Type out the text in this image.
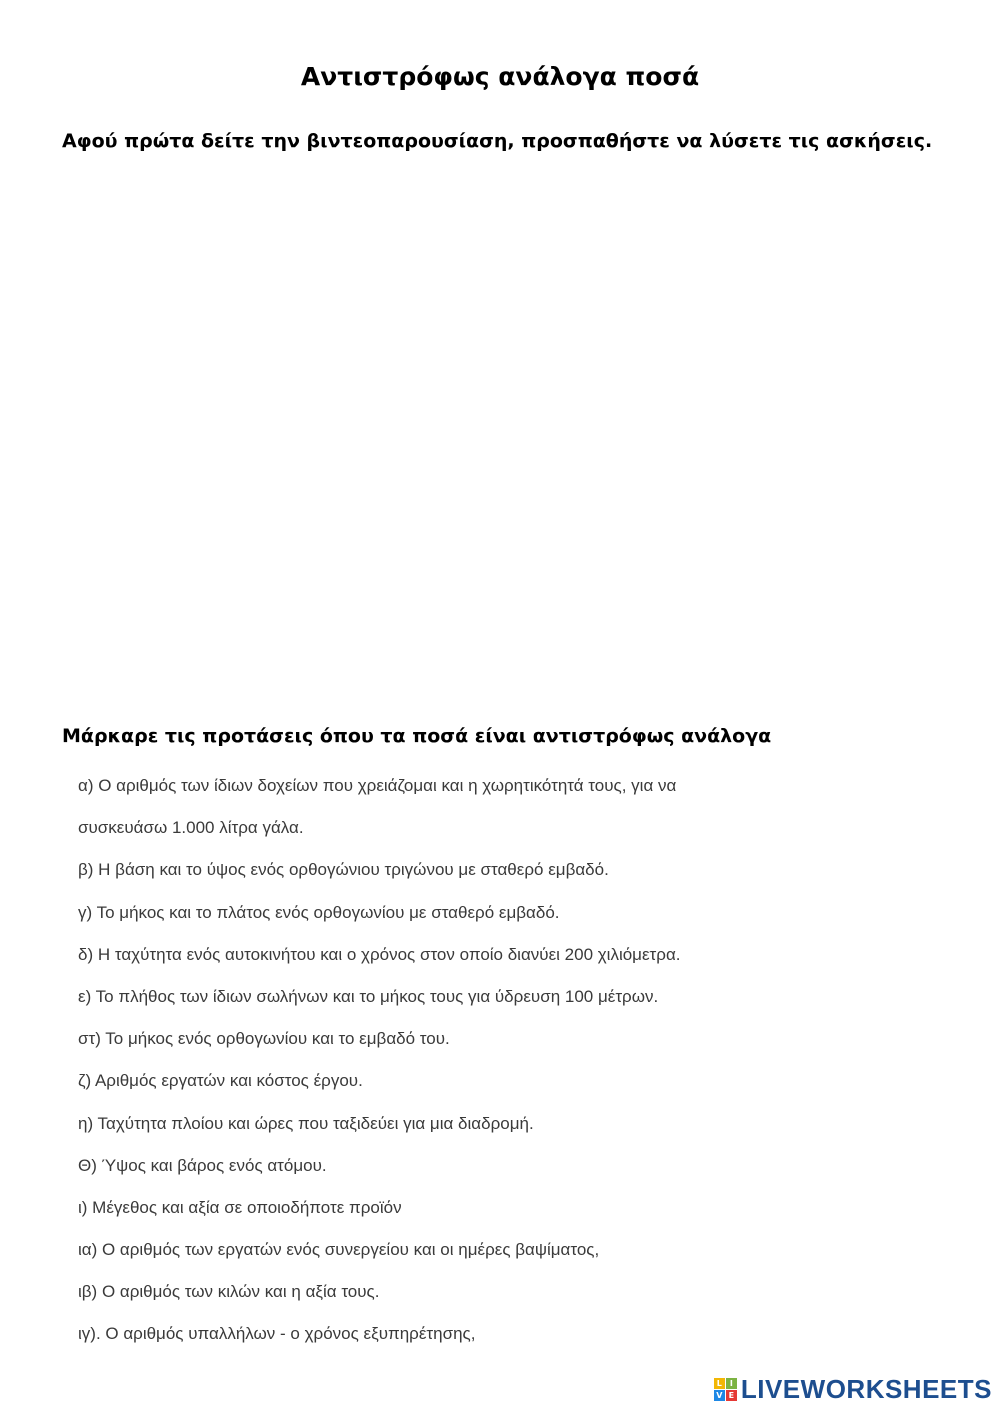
Αντιστρόφως ανάλογα ποσά
Αφού πρώτα δείτε την βιντεοπαρουσίαση, προσπαθήστε να λύσετε τις ασκήσεις.
Μάρκαρε τις προτάσεις όπου τα ποσά είναι αντιστρόφως ανάλογα
α) Ο αριθμός των ίδιων δοχείων που χρειάζομαι και η χωρητικότητά τους, για να
συσκευάσω 1.000 λίτρα γάλα.
β) Η βάση και το ύψος ενός ορθογώνιου τριγώνου με σταθερό εμβαδό.
γ) Το μήκος και το πλάτος ενός ορθογωνίου με σταθερό εμβαδό.
δ) Η ταχύτητα ενός αυτοκινήτου και ο χρόνος στον οποίο διανύει 200 χιλιόμετρα.
ε) Το πλήθος των ίδιων σωλήνων και το μήκος τους για ύδρευση 100 μέτρων.
στ) Το μήκος ενός ορθογωνίου και το εμβαδό του.
ζ) Αριθμός εργατών και κόστος έργου.
η) Ταχύτητα πλοίου και ώρες που ταξιδεύει για μια διαδρομή.
Θ) Ύψος και βάρος ενός ατόμου.
ι) Μέγεθος και αξία σε οποιοδήποτε προϊόν
ια) Ο αριθμός των εργατών ενός συνεργείου και οι ημέρες βαψίματος,
ιβ) Ο αριθμός των κιλών και η αξία τους.
ιγ). Ο αριθμός υπαλλήλων - ο χρόνος εξυπηρέτησης,
L I
V E LIVEWORKSHEETS
